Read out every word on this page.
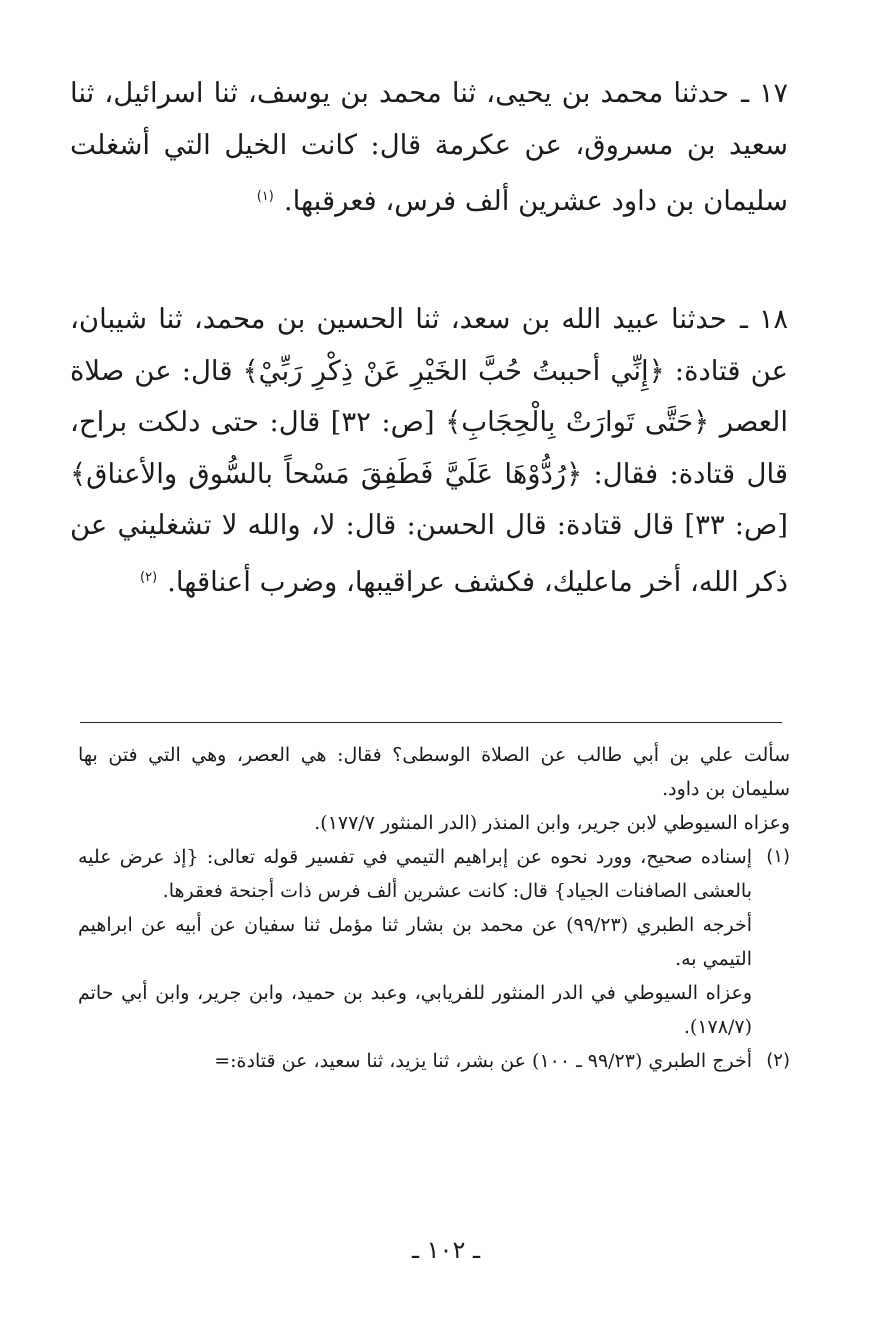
١٧ ـ حدثنا محمد بن يحيى، ثنا محمد بن يوسف، ثنا اسرائيل، ثنا سعيد بن مسروق، عن عكرمة قال: كانت الخيل التي أشغلت سليمان بن داود عشرين ألف فرس، فعرقبها.$^{(١)}$
١٨ ـ حدثنا عبيد الله بن سعد، ثنا الحسين بن محمد، ثنا شيبان، عن قتادة: ﴿إِنِّي أحببتُ حُبَّ الخَيْرِ عَنْ ذِكْرِ رَبِّيْ﴾ قال: عن صلاة العصر ﴿حَتَّى تَوارَتْ بِالْحِجَابِ﴾ [ص: ٣٢] قال: حتى دلكت براح، قال قتادة: فقال: ﴿رُدُّوْهَا عَلَيَّ فَطَفِقَ مَسْحاً بالسُّوق والأعناق﴾ [ص: ٣٣] قال قتادة: قال الحسن: قال: لا، والله لا تشغليني عن ذكر الله، أخر ماعليك، فكشف عراقيبها، وضرب أعناقها.$^{(٢)}$

سألت علي بن أبي طالب عن الصلاة الوسطى؟ فقال: هي العصر، وهي التي فتن بها سليمان بن داود.

وعزاه السيوطي لابن جرير، وابن المنذر (الدر المنثور ١٧٧/٧).

(١)

إسناده صحيح، وورد نحوه عن إبراهيم التيمي في تفسير قوله تعالى: {إذ عرض عليه بالعشى الصافنات الجياد} قال: كانت عشرين ألف فرس ذات أجنحة فعقرها.

أخرجه الطبري (٩٩/٢٣) عن محمد بن بشار ثنا مؤمل ثنا سفيان عن أبيه عن ابراهيم التيمي به.

وعزاه السيوطي في الدر المنثور للفريابي، وعبد بن حميد، وابن جرير، وابن أبي حاتم (١٧٨/٧).

(٢)

أخرج الطبري (٩٩/٢٣ ـ ١٠٠) عن بشر، ثنا يزيد، ثنا سعيد، عن قتادة:=

ـ ١٠٢ ـ
